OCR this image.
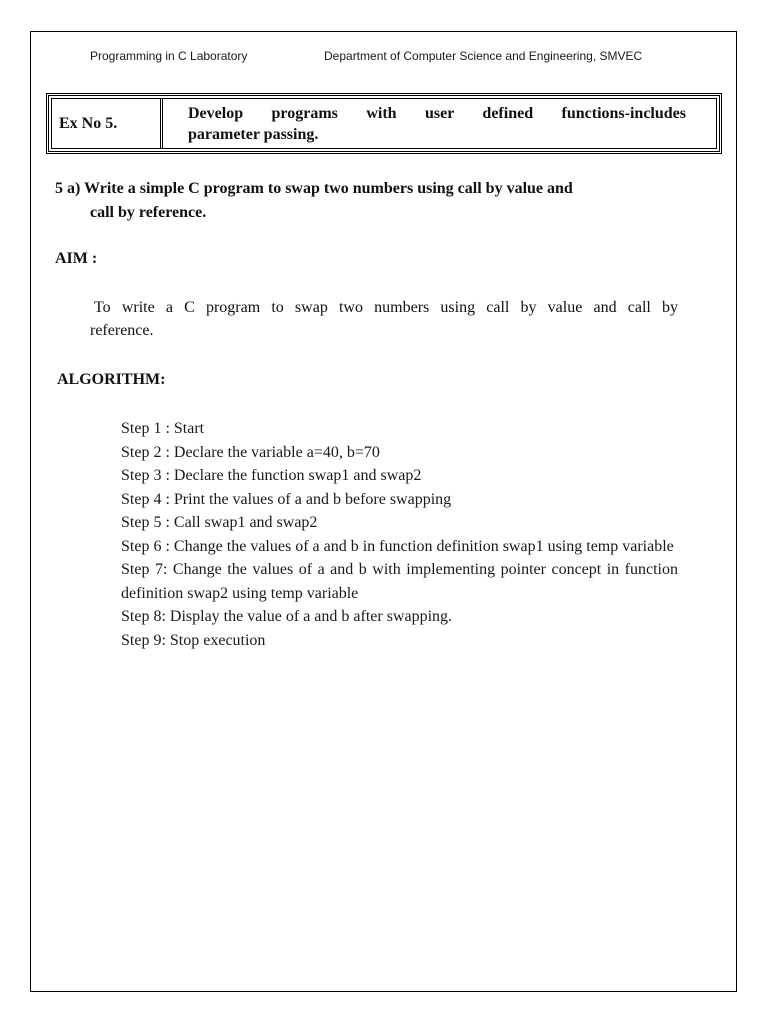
Programming in C Laboratory	Department of Computer Science and Engineering, SMVEC
Ex No 5.
Develop programs with user defined functions-includes
parameter passing.
5 a) Write a simple C program to swap two numbers using call by value and
call by reference.
AIM :
To write a C program to swap two numbers using call by value and call by
reference.
ALGORITHM:
Step 1 : Start
Step 2 : Declare the variable a=40, b=70
Step 3 : Declare the function swap1 and swap2
Step 4 : Print the values of a and b before swapping
Step 5 : Call swap1 and swap2
Step 6 : Change the values of a and b in function definition swap1 using temp variable
Step 7: Change the values of a and b with implementing pointer concept in function definition swap2 using temp variable
Step 8: Display the value of a and b after swapping.
Step 9: Stop execution
